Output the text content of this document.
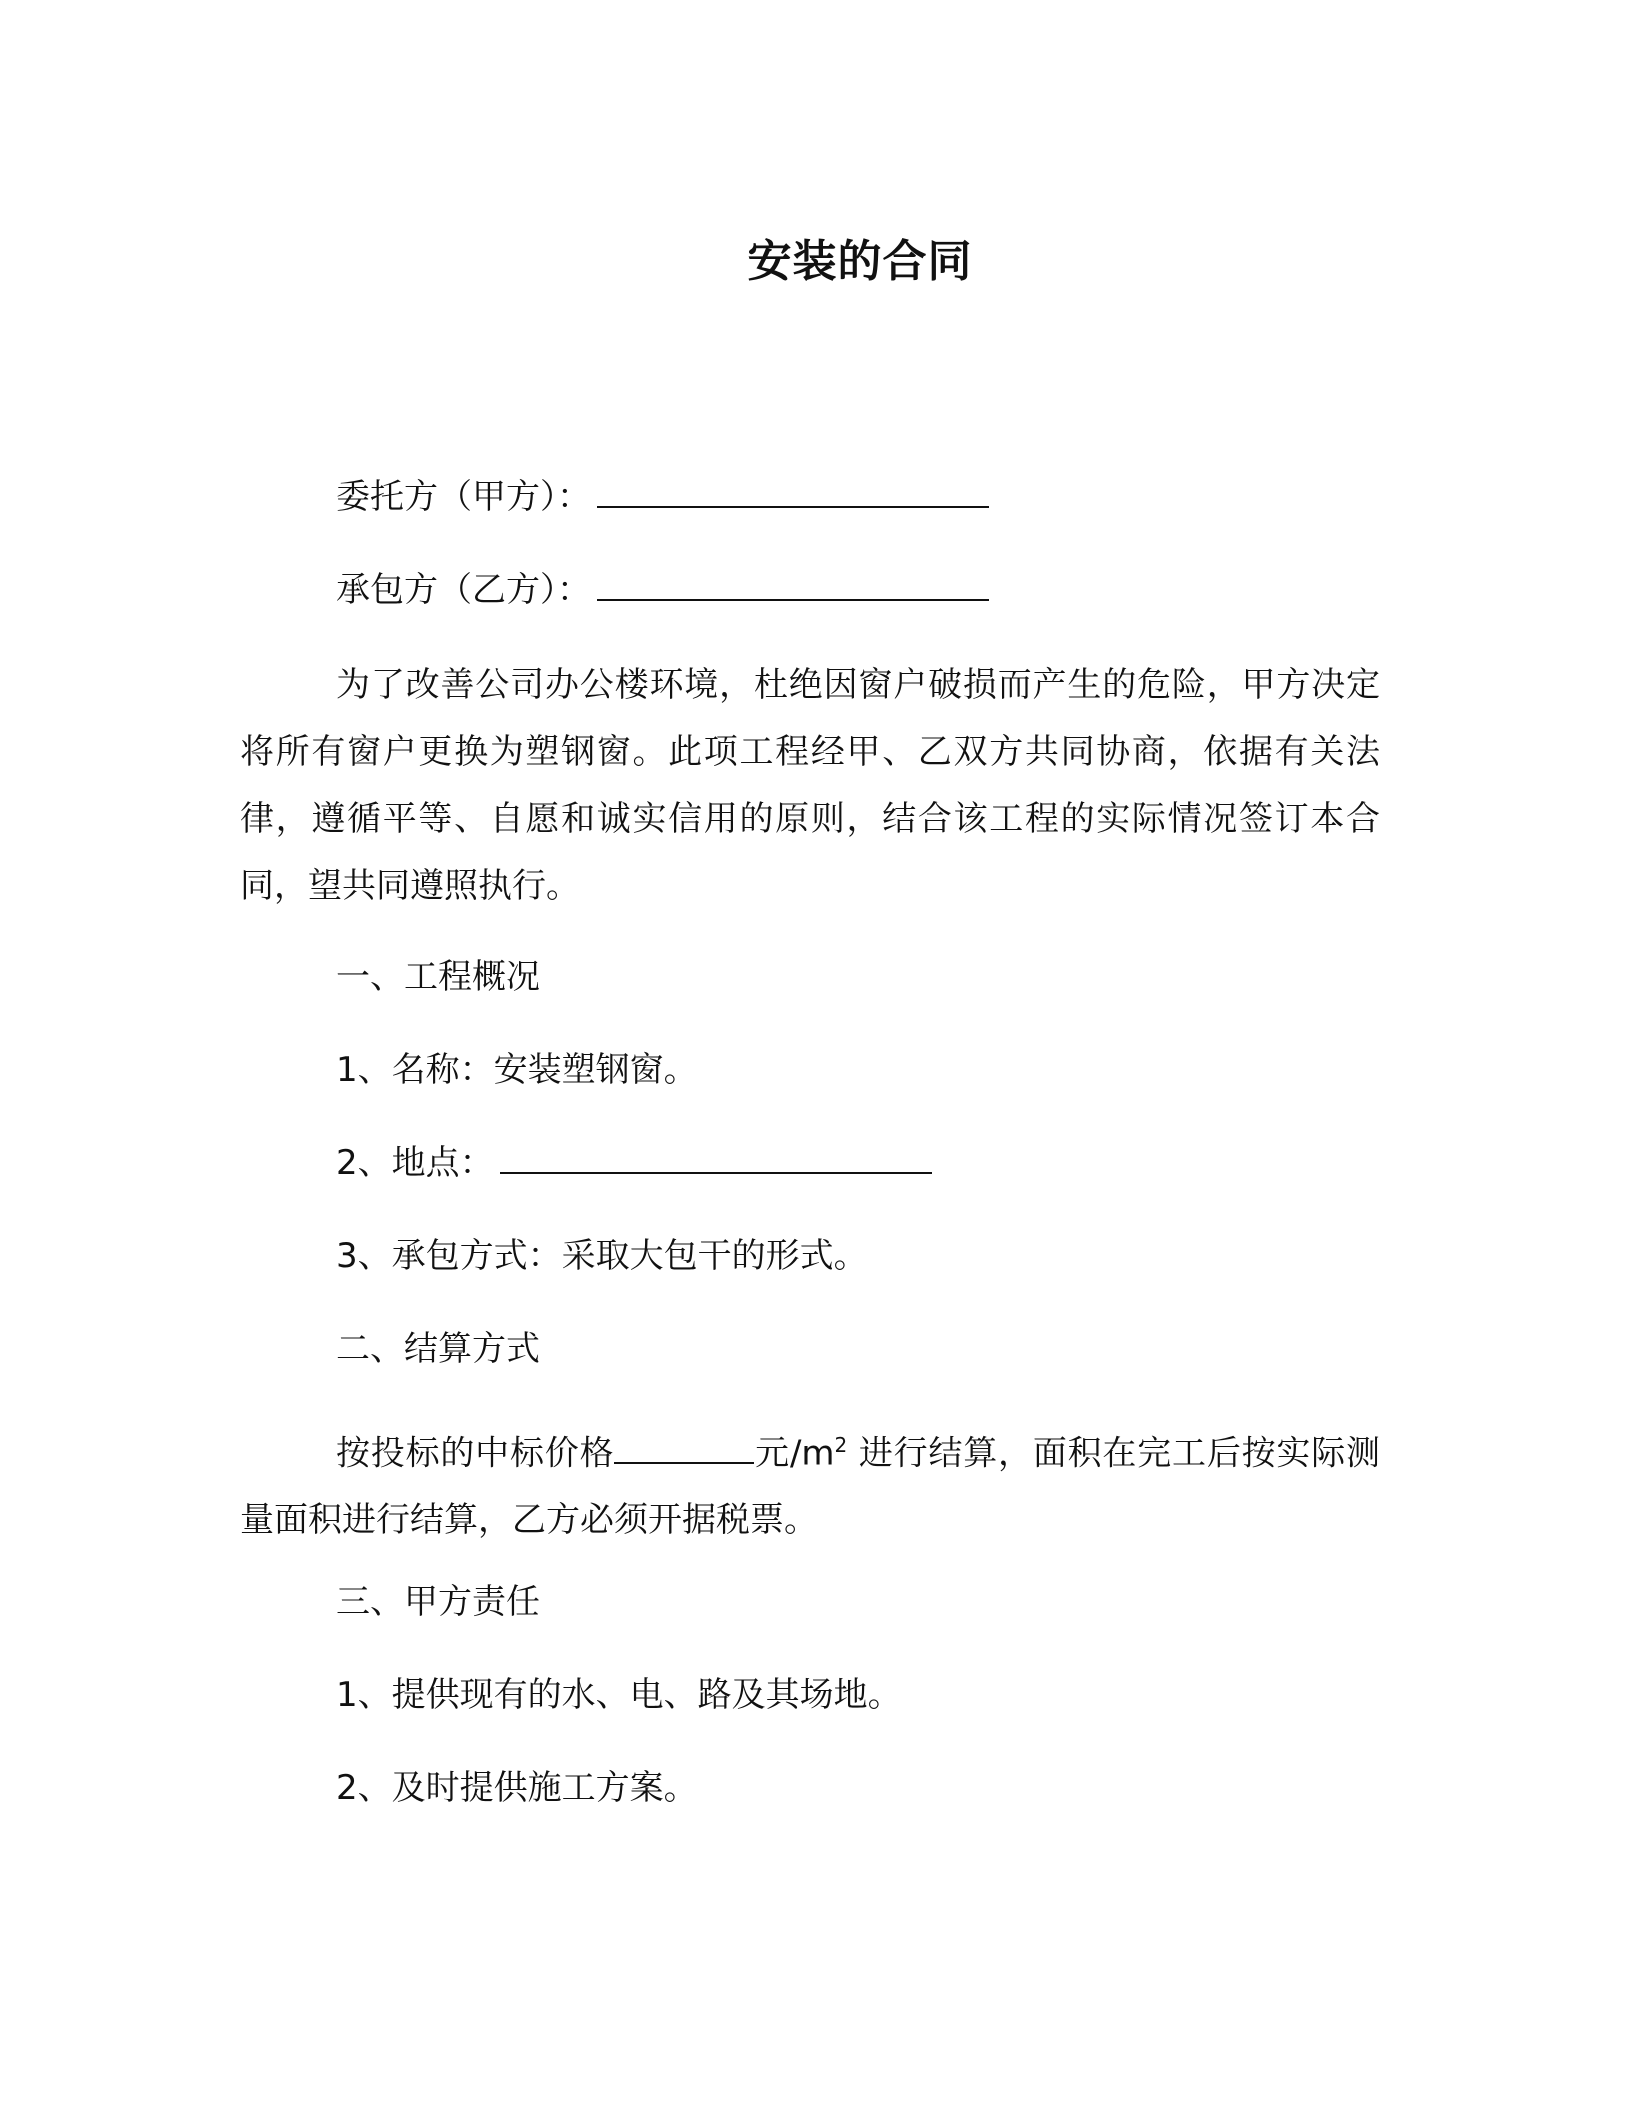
安装的合同
委托方（甲方）：
承包方（乙方）：
为了改善公司办公楼环境，杜绝因窗户破损而产生的危险，甲方决定将所有窗户更换为塑钢窗。此项工程经甲、乙双方共同协商，依据有关法律，遵循平等、自愿和诚实信用的原则，结合该工程的实际情况签订本合同，望共同遵照执行。
一、工程概况
1、名称：安装塑钢窗。
2、地点：
3、承包方式：采取大包干的形式。
二、结算方式
按投标的中标价格	元$/m^2$ 进行结算，面积在完工后按实际测量面积进行结算，乙方必须开据税票。
三、甲方责任
1、提供现有的水、电、路及其场地。
2、及时提供施工方案。
